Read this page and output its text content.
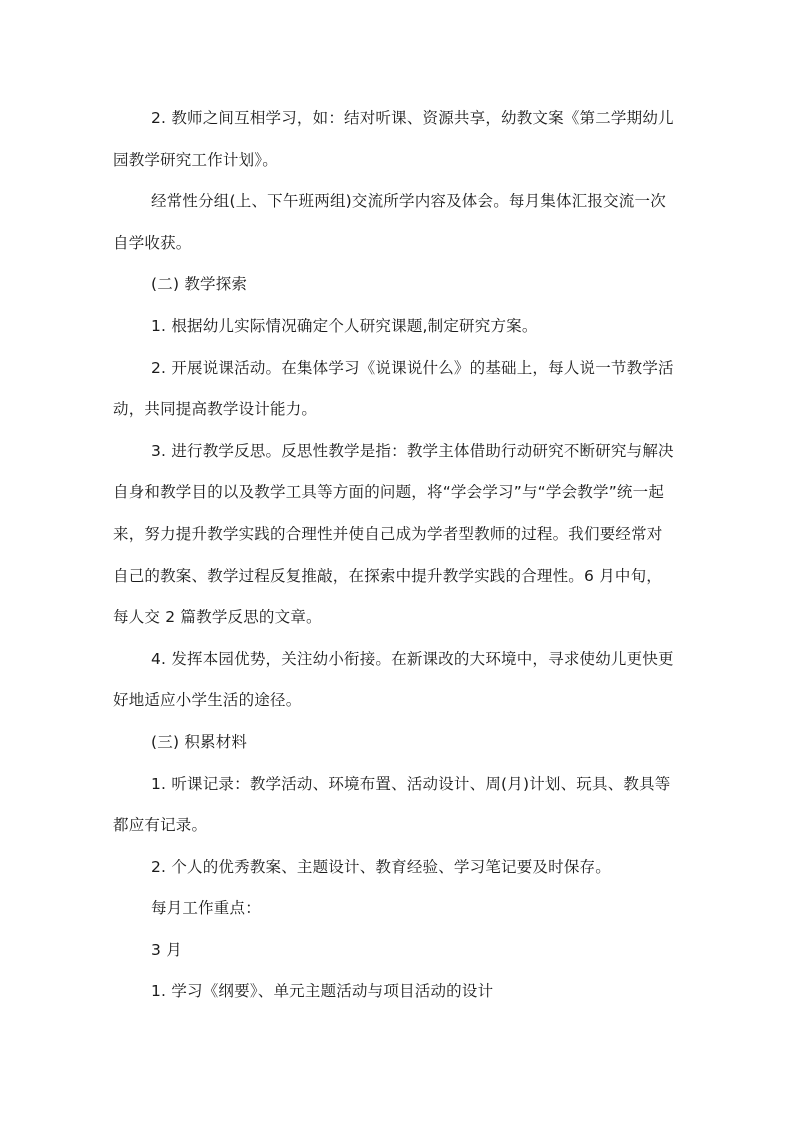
2. 教师之间互相学习，如：结对听课、资源共享，幼教文案《第二学期幼儿
园教学研究工作计划》。

经常性分组(上、下午班两组)交流所学内容及体会。每月集体汇报交流一次
自学收获。

(二) 教学探索

1. 根据幼儿实际情况确定个人研究课题,制定研究方案。

2. 开展说课活动。在集体学习《说课说什么》的基础上，每人说一节教学活
动，共同提高教学设计能力。

3. 进行教学反思。反思性教学是指：教学主体借助行动研究不断研究与解决
自身和教学目的以及教学工具等方面的问题，将“学会学习”与“学会教学”统一起
来，努力提升教学实践的合理性并使自己成为学者型教师的过程。我们要经常对
自己的教案、教学过程反复推敲，在探索中提升教学实践的合理性。6 月中旬，
每人交 2 篇教学反思的文章。

4. 发挥本园优势，关注幼小衔接。在新课改的大环境中，寻求使幼儿更快更
好地适应小学生活的途径。

(三) 积累材料

1. 听课记录：教学活动、环境布置、活动设计、周(月)计划、玩具、教具等
都应有记录。

2. 个人的优秀教案、主题设计、教育经验、学习笔记要及时保存。

每月工作重点：

3 月

1. 学习《纲要》、单元主题活动与项目活动的设计
